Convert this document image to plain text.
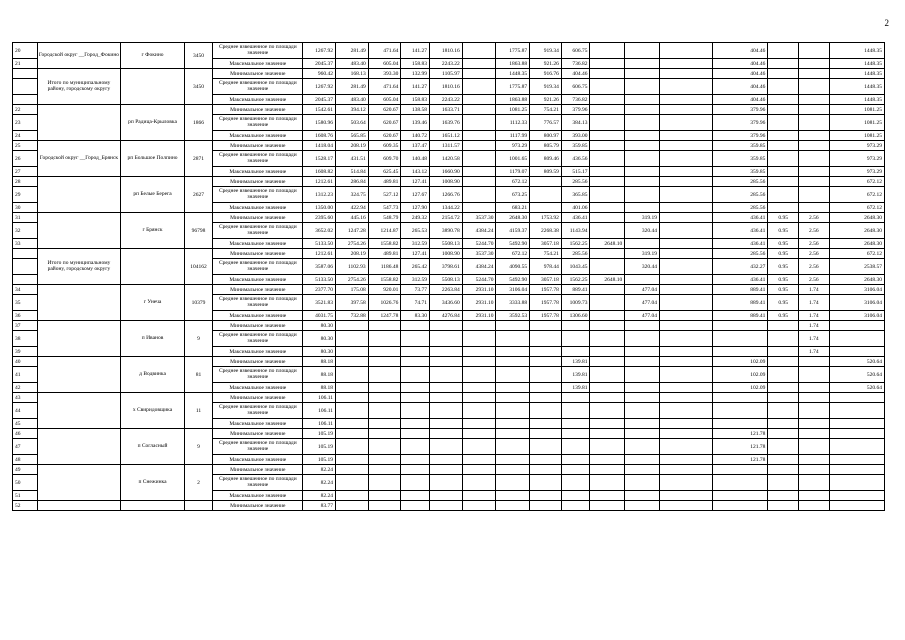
2
20	Городской округ __Город_Фокино	г Фокино	3450	Среднее взвешенное по площади значение	1267.92	281.49	471.64	141.27	1810.16		1775.87	919.34	606.75				404.46			1448.35
21				Максимальное значение	2045.37	483.40	605.04	158.83	2243.22		1863.88	921.26	736.82				404.46			1448.35
	Итого по муниципальному району, городскому округу		3450	Минимальное значение	960.42	168.13	393.30	132.99	1105.97		1448.35	916.76	404.46				404.46			1448.35
				Среднее взвешенное по площади значение	1267.92	281.49	471.64	141.27	1810.16		1775.87	919.34	606.75				404.46			1448.35
				Максимальное значение	2045.37	483.40	605.04	158.83	2243.22		1863.88	921.26	736.82				404.46			1448.35
22		рп Радица-Крыловка	1866	Минимальное значение	1542.61	394.12	620.67	138.58	1633.71		1081.25	754.21	379.96				379.96			1081.25
23				Среднее взвешенное по площади значение	1580.96	503.64	620.67	139.46	1639.76		1112.33	776.57	384.13				379.96			1081.25
24				Максимальное значение	1608.76	565.85	620.67	140.72	1651.12		1117.99	800.97	393.00				379.96			1081.25
25	Городской округ __Город_Брянск	рп Большое Полпино	2871	Минимальное значение	1418.04	208.19	609.35	137.47	1311.57		973.29	805.79	359.85				359.85			973.29
26				Среднее взвешенное по площади значение	1528.17	431.51	609.70	140.48	1420.58		1001.65	809.46	436.56				359.85			973.29
27				Максимальное значение	1608.82	514.84	625.45	143.12	1660.90		1179.07	809.59	515.17				359.85			973.29
28		рп Белые Берега	2627	Минимальное значение	1212.61	286.84	489.81	127.41	1008.90		672.12		285.56				285.56			672.12
29				Среднее взвешенное по площади значение	1312.23	324.75	527.12	127.67	1266.76		673.25		365.85				285.56			672.12
30				Максимальное значение	1350.00	422.94	547.73	127.90	1344.22		683.21		401.06				285.56			672.12
31		г Брянск	96798	Минимальное значение	2395.60	445.16	548.79	249.32	2154.72	3537.30	2648.30	1753.92	436.41		319.19		436.41	0.95	2.56	2648.30
32				Среднее взвешенное по площади значение	3652.02	1247.28	1214.87	265.53	3890.78	4384.24	4159.37	2268.38	1143.94		320.44		436.41	0.95	2.56	2648.30
33				Максимальное значение	5133.50	2754.26	1558.82	312.59	5508.13	5244.70	5492.90	3057.18	1562.25	2648.10			436.41	0.95	2.56	2648.30
	Итого по муниципальному району, городскому округу		104162	Минимальное значение	1212.61	208.19	489.81	127.41	1008.90	3537.30	672.12	754.21	285.56		319.19		285.56	0.95	2.56	672.12
				Среднее взвешенное по площади значение	3587.06	1102.93	1186.48	265.42	3798.61	4384.24	4090.55	978.44	1043.45		320.44		432.27	0.95	2.56	2538.57
				Максимальное значение	5133.50	2754.26	1558.82	312.59	5508.13	5244.70	5492.90	3057.18	1562.25	2648.10			436.41	0.95	2.56	2648.30
34		г Унеча	10379	Минимальное значение	2377.70	175.08	920.01	73.77	2263.84	2931.10	3106.04	1957.78	889.41		477.04		889.41	0.95	1.74	3106.04
35				Среднее взвешенное по площади значение	3521.83	397.58	1026.76	74.71	3436.60	2931.10	3333.88	1957.78	1009.73		477.04		889.41	0.95	1.74	3106.04
36				Максимальное значение	4031.75	732.88	1247.78	83.30	4276.84	2931.10	3592.53	1957.78	1306.60		477.04		889.41	0.95	1.74	3106.04
37		п Иванов	9	Минимальное значение	80.30														1.74	
38				Среднее взвешенное по площади значение	80.30														1.74	
39				Максимальное значение	80.30														1.74	
40		д Водвинка	81	Минимальное значение	88.18								139.81				102.09			520.64
41				Среднее взвешенное по площади значение	88.18								139.81				102.09			520.64
42				Максимальное значение	88.18								139.81				102.09			520.64
43		х Свиридовщика	11	Минимальное значение	106.11															
44				Среднее взвешенное по площади значение	106.11															
45				Максимальное значение	106.11															
46		п Согласный	9	Минимальное значение	105.19												121.78			
47				Среднее взвешенное по площади значение	105.19												121.78			
48				Максимальное значение	105.19												121.78			
49		п Снежинка	2	Минимальное значение	82.24															
50				Среднее взвешенное по площади значение	82.24															
51				Максимальное значение	82.24															
52				Минимальное значение	83.77															
